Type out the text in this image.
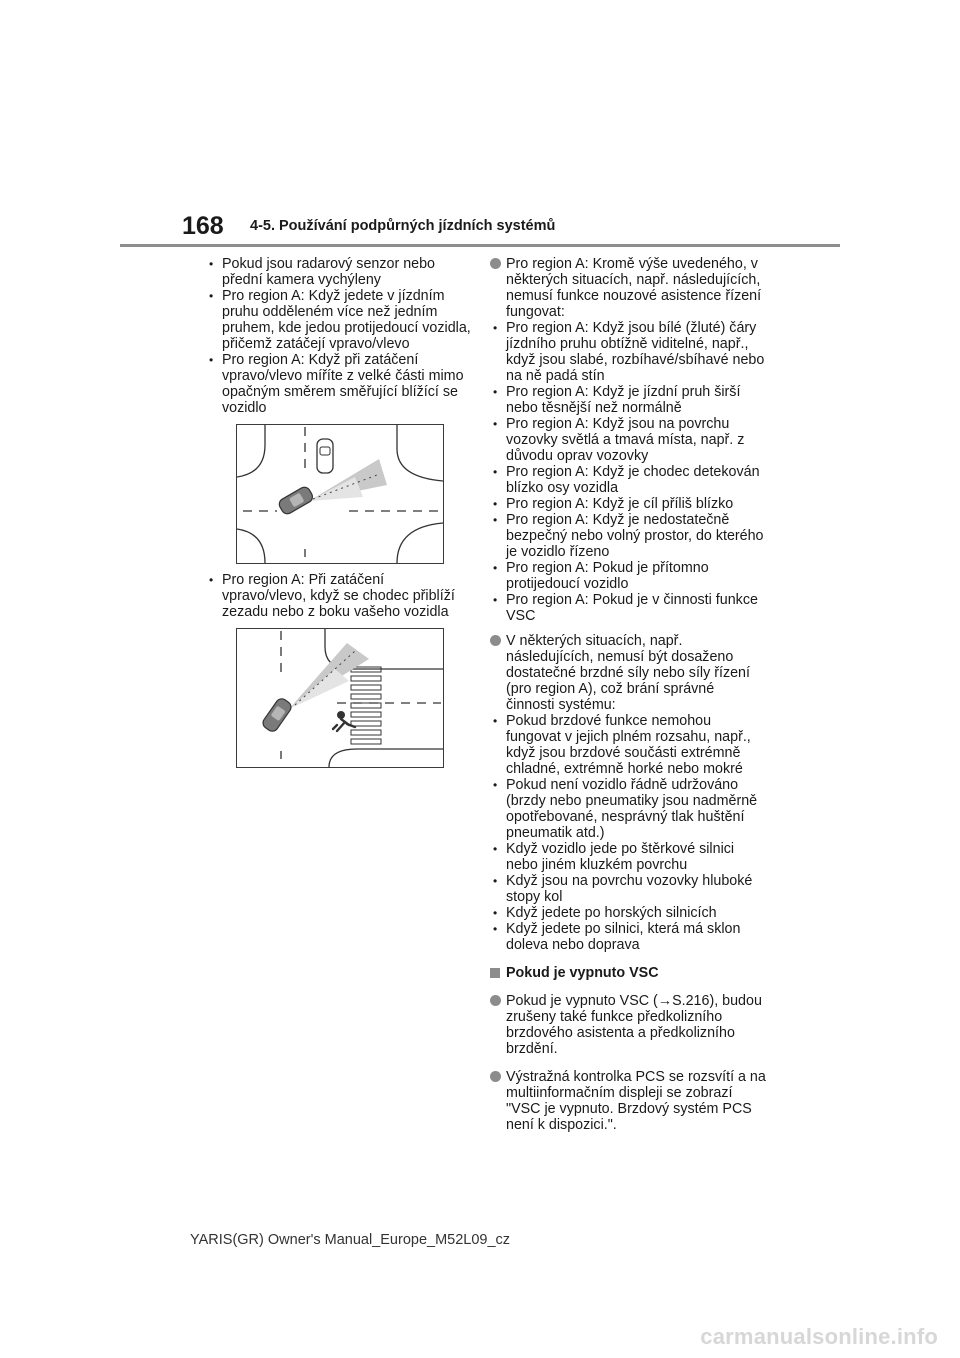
168 4-5. Používání podpůrných jízdních systémů
• Pokud jsou radarový senzor nebo přední kamera vychýleny
• Pro region A: Když jedete v jízdním pruhu odděleném více než jedním pruhem, kde jedou protijedoucí vozidla, přičemž zatáčejí vpravo/vlevo
• Pro region A: Když při zatáčení vpravo/vlevo míříte z velké části mimo opačným směrem směřující blížící se vozidlo
• Pro region A: Při zatáčení vpravo/vlevo, když se chodec přiblíží zezadu nebo z boku vašeho vozidla
Pro region A: Kromě výše uvedeného, v některých situacích, např. následujících, nemusí funkce nouzové asistence řízení fungovat:
• Pro region A: Když jsou bílé (žluté) čáry jízdního pruhu obtížně viditelné, např., když jsou slabé, rozbíhavé/sbíhavé nebo na ně padá stín
• Pro region A: Když je jízdní pruh širší nebo těsnější než normálně
• Pro region A: Když jsou na povrchu vozovky světlá a tmavá místa, např. z důvodu oprav vozovky
• Pro region A: Když je chodec detekován blízko osy vozidla
• Pro region A: Když je cíl příliš blízko
• Pro region A: Když je nedostatečně bezpečný nebo volný prostor, do kterého je vozidlo řízeno
• Pro region A: Pokud je přítomno protijedoucí vozidlo
• Pro region A: Pokud je v činnosti funkce VSC
V některých situacích, např. následujících, nemusí být dosaženo dostatečné brzdné síly nebo síly řízení (pro region A), což brání správné činnosti systému:
• Pokud brzdové funkce nemohou fungovat v jejich plném rozsahu, např., když jsou brzdové součásti extrémně chladné, extrémně horké nebo mokré
• Pokud není vozidlo řádně udržováno (brzdy nebo pneumatiky jsou nadměrně opotřebované, nesprávný tlak huštění pneumatik atd.)
• Když vozidlo jede po štěrkové silnici nebo jiném kluzkém povrchu
• Když jsou na povrchu vozovky hluboké stopy kol
• Když jedete po horských silnicích
• Když jedete po silnici, která má sklon doleva nebo doprava
Pokud je vypnuto VSC
Pokud je vypnuto VSC (→S.216), budou zrušeny také funkce předkolizního brzdového asistenta a předkolizního brzdění.
Výstražná kontrolka PCS se rozsvítí a na multiinformačním displeji se zobrazí "VSC je vypnuto. Brzdový systém PCS není k dispozici.".
YARIS(GR) Owner's Manual_Europe_M52L09_cz
carmanualsonline.info
